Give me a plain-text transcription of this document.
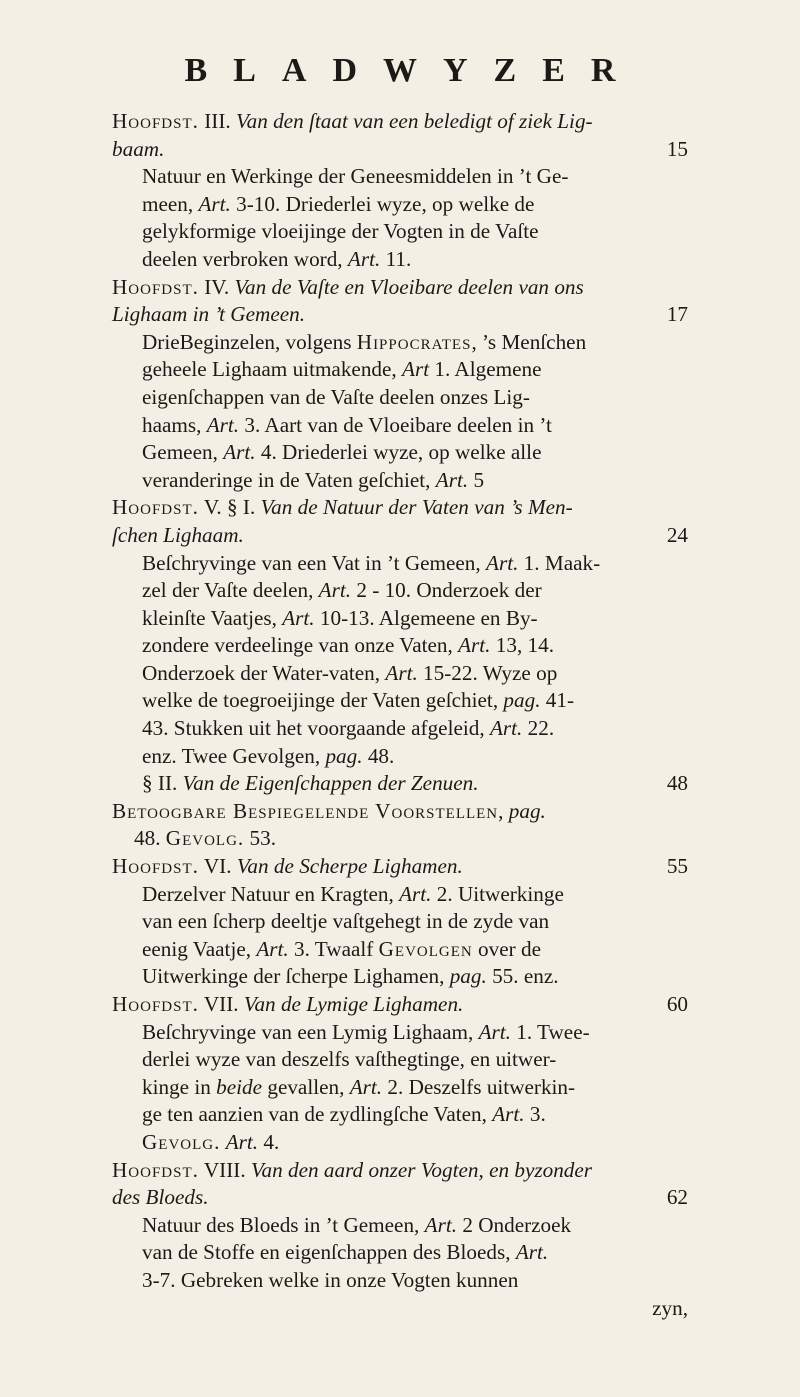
BLADWYZER
Hoofdst. III. Van den ſtaat van een beledigt of ziek Lig-
baam.	15
Natuur en Werkinge der Geneesmiddelen in ’t Ge-
meen, Art. 3-10. Driederlei wyze, op welke de
gelykformige vloeijinge der Vogten in de Vaſte
deelen verbroken word, Art. 11.
Hoofdst. IV. Van de Vaſte en Vloeibare deelen van ons
Lighaam in ’t Gemeen.	17
DrieBeginzelen, volgens Hippocrates, ’s Menſchen
geheele Lighaam uitmakende, Art 1. Algemene
eigenſchappen van de Vaſte deelen onzes Lig-
haams, Art. 3. Aart van de Vloeibare deelen in ’t
Gemeen, Art. 4. Driederlei wyze, op welke alle
veranderinge in de Vaten geſchiet, Art. 5
Hoofdst. V. § I. Van de Natuur der Vaten van ’s Men-
ſchen Lighaam.	24
Beſchryvinge van een Vat in ’t Gemeen, Art. 1. Maak-
zel der Vaſte deelen, Art. 2 - 10. Onderzoek der
kleinſte Vaatjes, Art. 10-13. Algemeene en By-
zondere verdeelinge van onze Vaten, Art. 13, 14.
Onderzoek der Water-vaten, Art. 15-22. Wyze op
welke de toegroeijinge der Vaten geſchiet, pag. 41-
43. Stukken uit het voorgaande afgeleid, Art. 22.
enz. Twee Gevolgen, pag. 48.
§ II. Van de Eigenſchappen der Zenuen.	48
Betoogbare Bespiegelende Voorstellen, pag.
48. Gevolg. 53.
Hoofdst. VI. Van de Scherpe Lighamen.	55
Derzelver Natuur en Kragten, Art. 2. Uitwerkinge
van een ſcherp deeltje vaſtgehegt in de zyde van
eenig Vaatje, Art. 3. Twaalf Gevolgen over de
Uitwerkinge der ſcherpe Lighamen, pag. 55. enz.
Hoofdst. VII. Van de Lymige Lighamen.	60
Beſchryvinge van een Lymig Lighaam, Art. 1. Twee-
derlei wyze van deszelfs vaſthegtinge, en uitwer-
kinge in beide gevallen, Art. 2. Deszelfs uitwerkin-
ge ten aanzien van de zydlingſche Vaten, Art. 3.
Gevolg. Art. 4.
Hoofdst. VIII. Van den aard onzer Vogten, en byzonder
des Bloeds.	62
Natuur des Bloeds in ’t Gemeen, Art. 2 Onderzoek
van de Stoffe en eigenſchappen des Bloeds, Art.
3-7. Gebreken welke in onze Vogten kunnen
zyn,
